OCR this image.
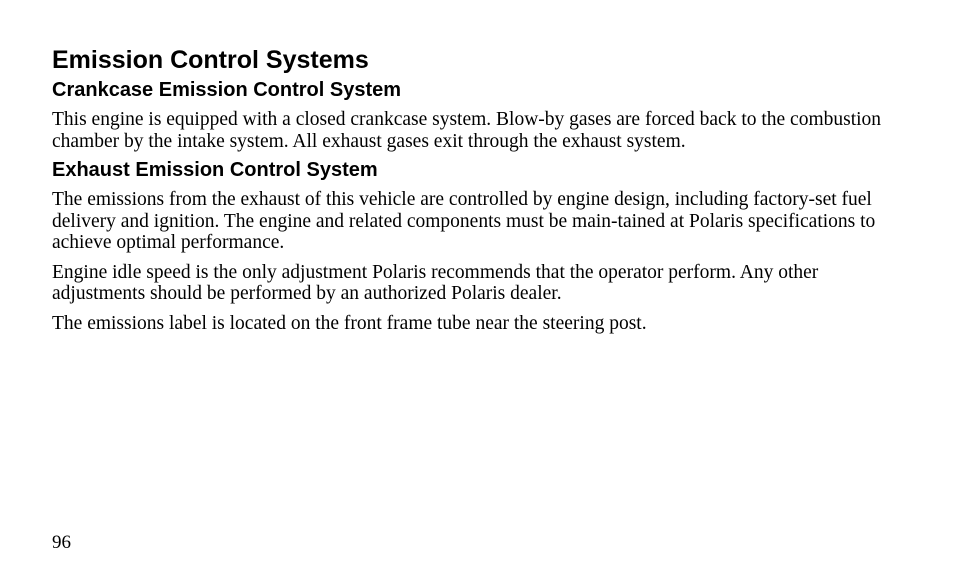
Emission Control Systems
Crankcase Emission Control System

This engine is equipped with a closed crankcase system. Blow-by gases are forced back to the combustion chamber by the intake system. All exhaust gases exit through the exhaust system.

Exhaust Emission Control System

The emissions from the exhaust of this vehicle are controlled by engine design, including factory-set fuel delivery and ignition. The engine and related components must be main-tained at Polaris specifications to achieve optimal performance.

Engine idle speed is the only adjustment Polaris recommends that the operator perform. Any other adjustments should be performed by an authorized Polaris dealer.

The emissions label is located on the front frame tube near the steering post.

96
